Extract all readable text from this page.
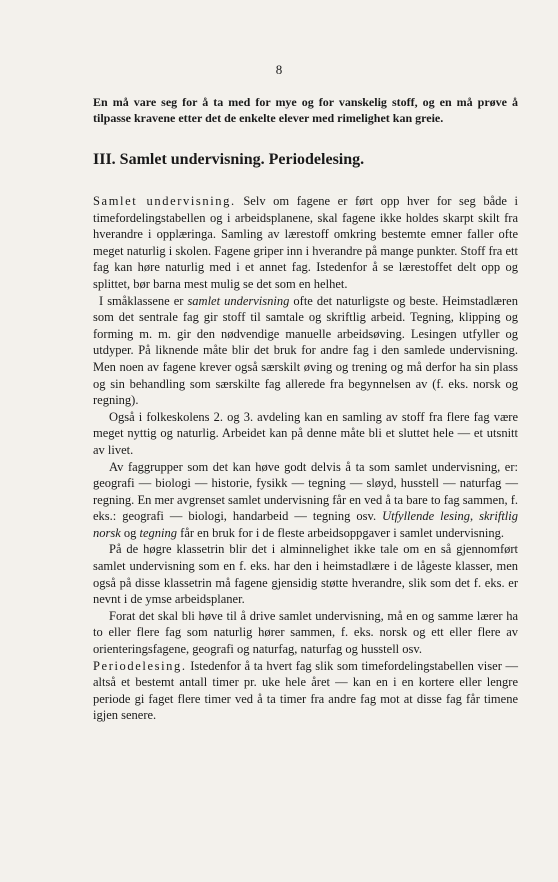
8

En må vare seg for å ta med for mye og for vanskelig stoff, og en må prøve å tilpasse kravene etter det de enkelte elever med rimelighet kan greie.

III. Samlet undervisning. Periodelesing.

Samlet undervisning. Selv om fagene er ført opp hver for seg både i timefordelingstabellen og i arbeidsplanene, skal fagene ikke holdes skarpt skilt fra hverandre i opplæringa. Samling av lærestoff omkring bestemte emner faller ofte meget naturlig i skolen. Fagene griper inn i hverandre på mange punkter. Stoff fra ett fag kan høre naturlig med i et annet fag. Istedenfor å se lærestoffet delt opp og splittet, bør barna mest mulig se det som en helhet.

I småklassene er samlet undervisning ofte det naturligste og beste. Heimstadlæren som det sentrale fag gir stoff til samtale og skriftlig arbeid. Tegning, klipping og forming m. m. gir den nødvendige manuelle arbeidsøving. Lesingen utfyller og utdyper. På liknende måte blir det bruk for andre fag i den samlede undervisning. Men noen av fagene krever også særskilt øving og trening og må derfor ha sin plass og sin behandling som særskilte fag allerede fra begynnelsen av (f. eks. norsk og regning).

Også i folkeskolens 2. og 3. avdeling kan en samling av stoff fra flere fag være meget nyttig og naturlig. Arbeidet kan på denne måte bli et sluttet hele — et utsnitt av livet.

Av faggrupper som det kan høve godt delvis å ta som samlet undervisning, er: geografi — biologi — historie, fysikk — tegning — sløyd, husstell — naturfag — regning. En mer avgrenset samlet undervisning får en ved å ta bare to fag sammen, f. eks.: geografi — biologi, handarbeid — tegning osv. Utfyllende lesing, skriftlig norsk og tegning får en bruk for i de fleste arbeidsoppgaver i samlet undervisning.

På de høgre klassetrin blir det i alminnelighet ikke tale om en så gjennomført samlet undervisning som en f. eks. har den i heimstadlære i de lågeste klasser, men også på disse klassetrin må fagene gjensidig støtte hverandre, slik som det f. eks. er nevnt i de ymse arbeidsplaner.

Forat det skal bli høve til å drive samlet undervisning, må en og samme lærer ha to eller flere fag som naturlig hører sammen, f. eks. norsk og ett eller flere av orienteringsfagene, geografi og naturfag, naturfag og husstell osv.

Periodelesing. Istedenfor å ta hvert fag slik som timefordelingstabellen viser — altså et bestemt antall timer pr. uke hele året — kan en i en kortere eller lengre periode gi faget flere timer ved å ta timer fra andre fag mot at disse fag får timene igjen senere.
